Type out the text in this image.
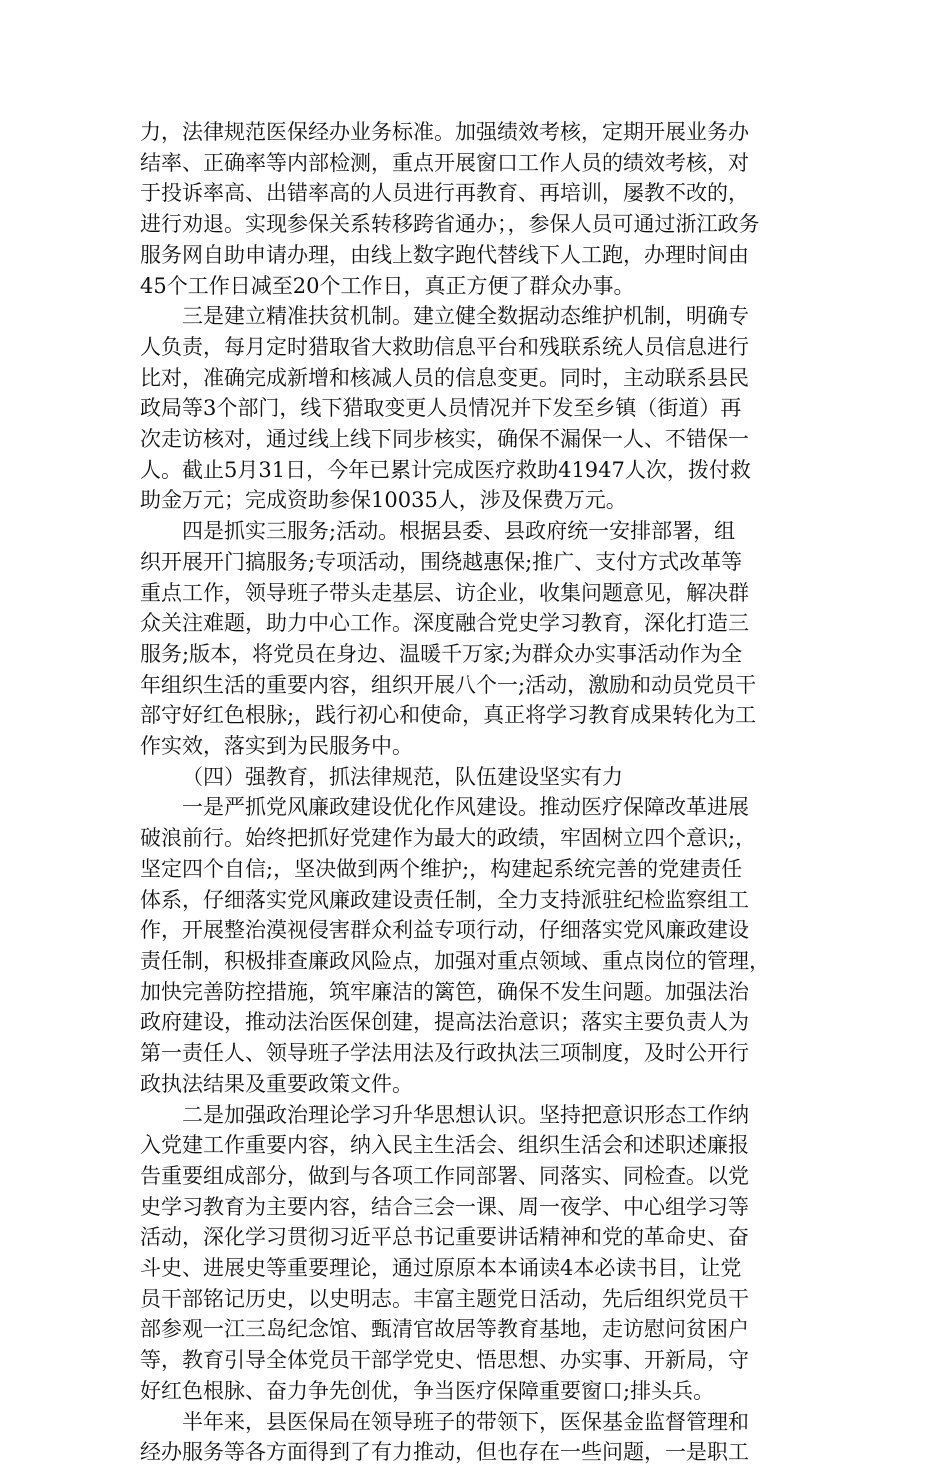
力，法律规范医保经办业务标准。加强绩效考核，定期开展业务办
结率、正确率等内部检测，重点开展窗口工作人员的绩效考核，对
于投诉率高、出错率高的人员进行再教育、再培训，屡教不改的，
进行劝退。实现参保关系转移跨省通办；，参保人员可通过浙江政务
服务网自助申请办理，由线上数字跑代替线下人工跑，办理时间由
45个工作日减至20个工作日，真正方便了群众办事。
三是建立精准扶贫机制。建立健全数据动态维护机制，明确专
人负责，每月定时猎取省大救助信息平台和残联系统人员信息进行
比对，准确完成新增和核减人员的信息变更。同时，主动联系县民
政局等3个部门，线下猎取变更人员情况并下发至乡镇（街道）再
次走访核对，通过线上线下同步核实，确保不漏保一人、不错保一
人。截止5月31日，今年已累计完成医疗救助41947人次，拨付救
助金万元；完成资助参保10035人，涉及保费万元。
四是抓实三服务;活动。根据县委、县政府统一安排部署，组
织开展开门搞服务;专项活动，围绕越惠保;推广、支付方式改革等
重点工作，领导班子带头走基层、访企业，收集问题意见，解决群
众关注难题，助力中心工作。深度融合党史学习教育，深化打造三
服务;版本，将党员在身边、温暖千万家;为群众办实事活动作为全
年组织生活的重要内容，组织开展八个一;活动，激励和动员党员干
部守好红色根脉;，践行初心和使命，真正将学习教育成果转化为工
作实效，落实到为民服务中。
（四）强教育，抓法律规范，队伍建设坚实有力
一是严抓党风廉政建设优化作风建设。推动医疗保障改革进展
破浪前行。始终把抓好党建作为最大的政绩，牢固树立四个意识;，
坚定四个自信;，坚决做到两个维护;，构建起系统完善的党建责任
体系，仔细落实党风廉政建设责任制，全力支持派驻纪检监察组工
作，开展整治漠视侵害群众利益专项行动，仔细落实党风廉政建设
责任制，积极排查廉政风险点，加强对重点领域、重点岗位的管理，
加快完善防控措施，筑牢廉洁的篱笆，确保不发生问题。加强法治
政府建设，推动法治医保创建，提高法治意识；落实主要负责人为
第一责任人、领导班子学法用法及行政执法三项制度，及时公开行
政执法结果及重要政策文件。
二是加强政治理论学习升华思想认识。坚持把意识形态工作纳
入党建工作重要内容，纳入民主生活会、组织生活会和述职述廉报
告重要组成部分，做到与各项工作同部署、同落实、同检查。以党
史学习教育为主要内容，结合三会一课、周一夜学、中心组学习等
活动，深化学习贯彻习近平总书记重要讲话精神和党的革命史、奋
斗史、进展史等重要理论，通过原原本本诵读4本必读书目，让党
员干部铭记历史，以史明志。丰富主题党日活动，先后组织党员干
部参观一江三岛纪念馆、甄清官故居等教育基地，走访慰问贫困户
等，教育引导全体党员干部学党史、悟思想、办实事、开新局，守
好红色根脉、奋力争先创优，争当医疗保障重要窗口;排头兵。
半年来，县医保局在领导班子的带领下，医保基金监督管理和
经办服务等各方面得到了有力推动，但也存在一些问题，一是职工
